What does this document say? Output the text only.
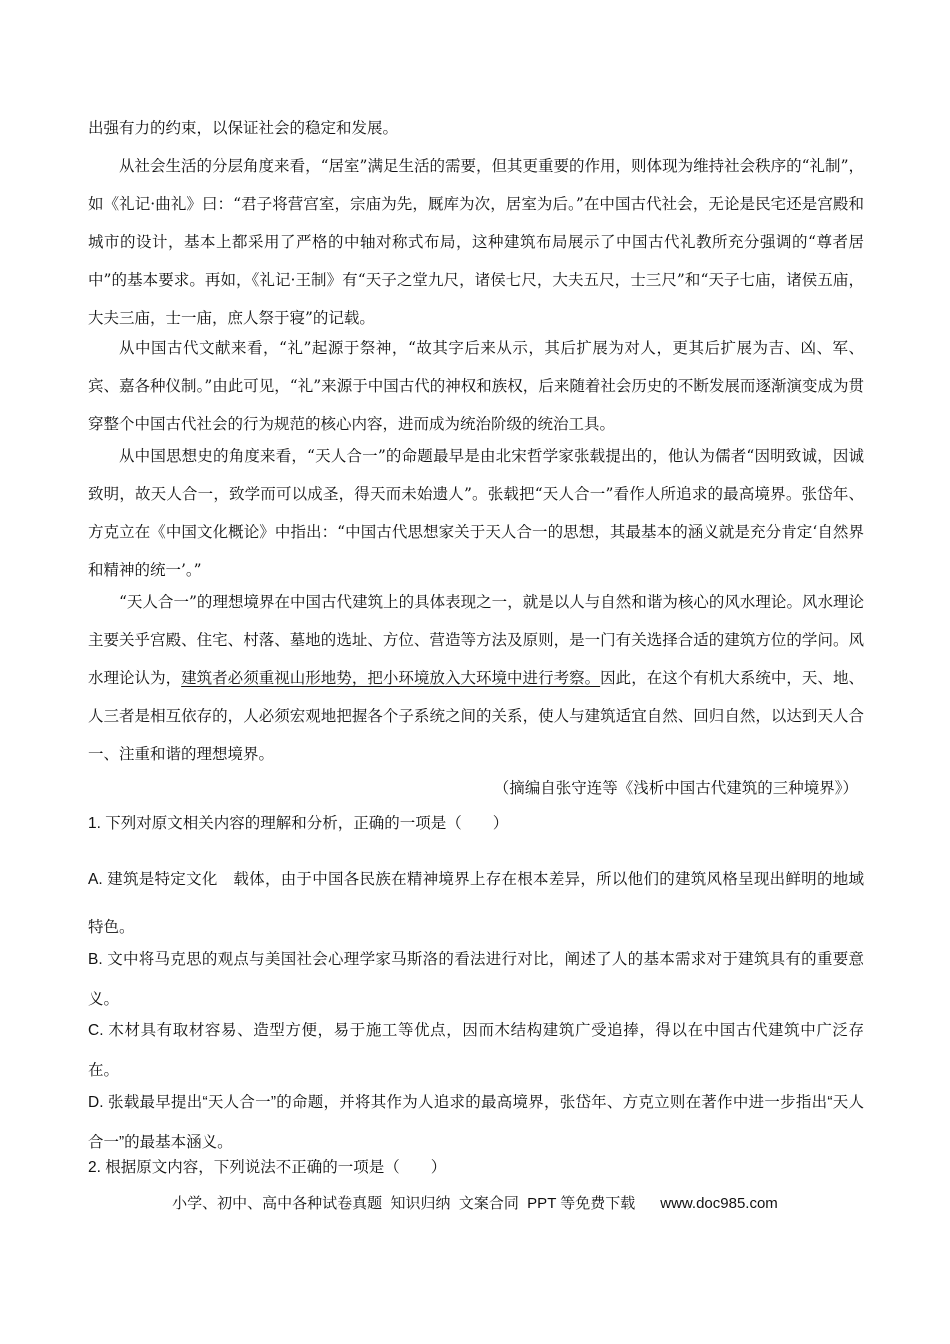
出强有力的约束，以保证社会的稳定和发展。

从社会生活的分层角度来看，“居室”满足生活的需要，但其更重要的作用，则体现为维持社会秩序的“礼制”，如《礼记·曲礼》曰：“君子将营宫室，宗庙为先，厩库为次，居室为后。”在中国古代社会，无论是民宅还是宫殿和城市的设计，基本上都采用了严格的中轴对称式布局，这种建筑布局展示了中国古代礼教所充分强调的“尊者居中”的基本要求。再如，《礼记·王制》有“天子之堂九尺，诸侯七尺，大夫五尺，士三尺”和“天子七庙，诸侯五庙，大夫三庙，士一庙，庶人祭于寝”的记载。

从中国古代文献来看，“礼”起源于祭神，“故其字后来从示，其后扩展为对人，更其后扩展为吉、凶、军、宾、嘉各种仪制。”由此可见，“礼”来源于中国古代的神权和族权，后来随着社会历史的不断发展而逐渐演变成为贯穿整个中国古代社会的行为规范的核心内容，进而成为统治阶级的统治工具。

从中国思想史的角度来看，“天人合一”的命题最早是由北宋哲学家张载提出的，他认为儒者“因明致诚，因诚致明，故天人合一，致学而可以成圣，得天而未始遗人”。张载把“天人合一”看作人所追求的最高境界。张岱年、方克立在《中国文化概论》中指出：“中国古代思想家关于天人合一的思想，其最基本的涵义就是充分肯定‘自然界和精神的统一’。”

“天人合一”的理想境界在中国古代建筑上的具体表现之一，就是以人与自然和谐为核心的风水理论。风水理论主要关乎宫殿、住宅、村落、墓地的选址、方位、营造等方法及原则，是一门有关选择合适的建筑方位的学问。风水理论认为，建筑者必须重视山形地势，把小环境放入大环境中进行考察。因此，在这个有机大系统中，天、地、人三者是相互依存的，人必须宏观地把握各个子系统之间的关系，使人与建筑适宜自然、回归自然，以达到天人合一、注重和谐的理想境界。

（摘编自张守连等《浅析中国古代建筑的三种境界》）

1. 下列对原文相关内容的理解和分析，正确的一项是（　　）

A. 建筑是特定文化　载体，由于中国各民族在精神境界上存在根本差异，所以他们的建筑风格呈现出鲜明的地域特色。

B. 文中将马克思的观点与美国社会心理学家马斯洛的看法进行对比，阐述了人的基本需求对于建筑具有的重要意义。

C. 木材具有取材容易、造型方便，易于施工等优点，因而木结构建筑广受追捧，得以在中国古代建筑中广泛存在。

D. 张载最早提出“天人合一”的命题，并将其作为人追求的最高境界，张岱年、方克立则在著作中进一步指出“天人合一”的最基本涵义。

2. 根据原文内容，下列说法不正确的一项是（　　）

小学、初中、高中各种试卷真题  知识归纳  文案合同  PPT 等免费下载      www.doc985.com
